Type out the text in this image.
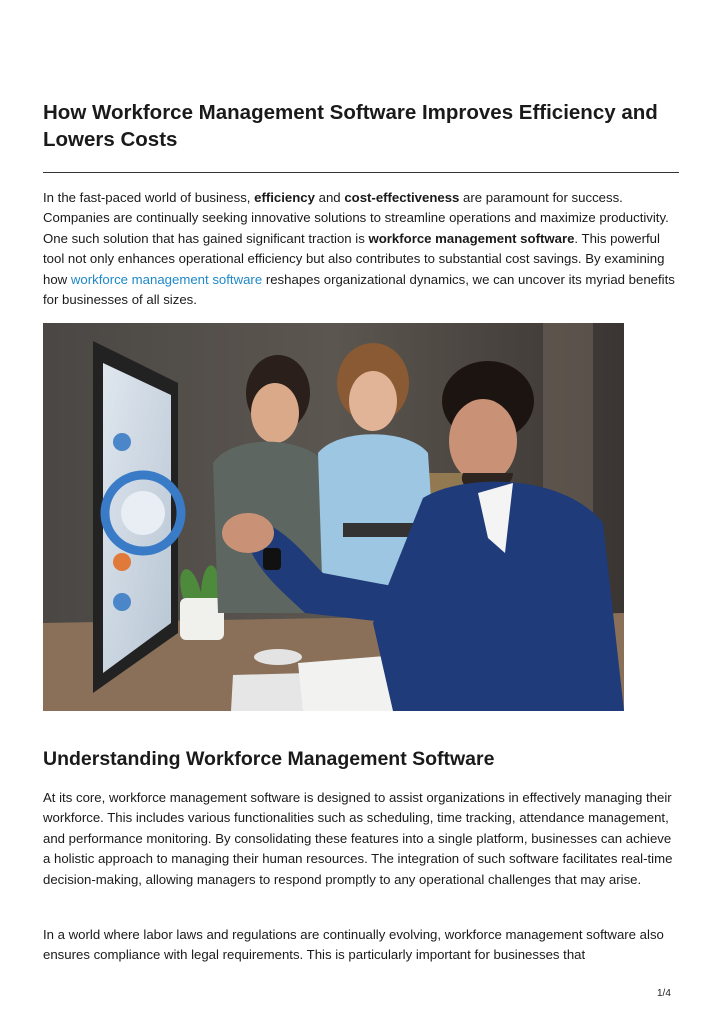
How Workforce Management Software Improves Efficiency and Lowers Costs

In the fast-paced world of business, efficiency and cost-effectiveness are paramount for success. Companies are continually seeking innovative solutions to streamline operations and maximize productivity. One such solution that has gained significant traction is workforce management software. This powerful tool not only enhances operational efficiency but also contributes to substantial cost savings. By examining how workforce management software reshapes organizational dynamics, we can uncover its myriad benefits for businesses of all sizes.

Understanding Workforce Management Software

At its core, workforce management software is designed to assist organizations in effectively managing their workforce. This includes various functionalities such as scheduling, time tracking, attendance management, and performance monitoring. By consolidating these features into a single platform, businesses can achieve a holistic approach to managing their human resources. The integration of such software facilitates real-time decision-making, allowing managers to respond promptly to any operational challenges that may arise.

In a world where labor laws and regulations are continually evolving, workforce management software also ensures compliance with legal requirements. This is particularly important for businesses that

1/4
